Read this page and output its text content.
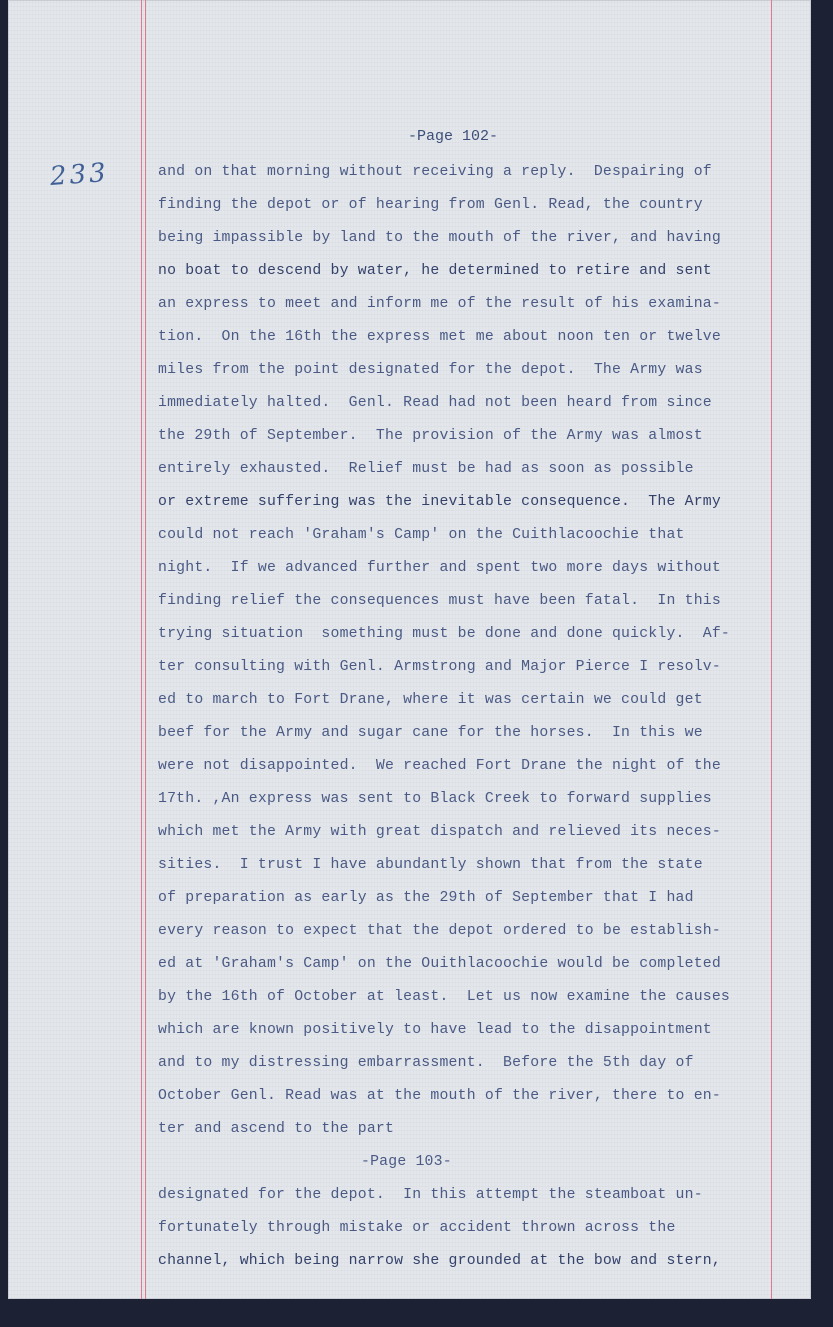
233
-Page 102-
and on that morning without receiving a reply.  Despairing of
finding the depot or of hearing from Genl. Read, the country
being impassible by land to the mouth of the river, and having
no boat to descend by water, he determined to retire and sent
an express to meet and inform me of the result of his examina-
tion.  On the 16th the express met me about noon ten or twelve
miles from the point designated for the depot.  The Army was
immediately halted.  Genl. Read had not been heard from since
the 29th of September.  The provision of the Army was almost
entirely exhausted.  Relief must be had as soon as possible
or extreme suffering was the inevitable consequence.  The Army
could not reach 'Graham's Camp' on the Cuithlacoochie that
night.  If we advanced further and spent two more days without
finding relief the consequences must have been fatal.  In this
trying situation  something must be done and done quickly.  Af-
ter consulting with Genl. Armstrong and Major Pierce I resolv-
ed to march to Fort Drane, where it was certain we could get
beef for the Army and sugar cane for the horses.  In this we
were not disappointed.  We reached Fort Drane the night of the
17th. ,An express was sent to Black Creek to forward supplies
which met the Army with great dispatch and relieved its neces-
sities.  I trust I have abundantly shown that from the state
of preparation as early as the 29th of September that I had
every reason to expect that the depot ordered to be establish-
ed at 'Graham's Camp' on the Ouithlacoochie would be completed
by the 16th of October at least.  Let us now examine the causes
which are known positively to have lead to the disappointment
and to my distressing embarrassment.  Before the 5th day of
October Genl. Read was at the mouth of the river, there to en-
ter and ascend to the part
-Page 103-
designated for the depot.  In this attempt the steamboat un-
fortunately through mistake or accident thrown across the
channel, which being narrow she grounded at the bow and stern,
